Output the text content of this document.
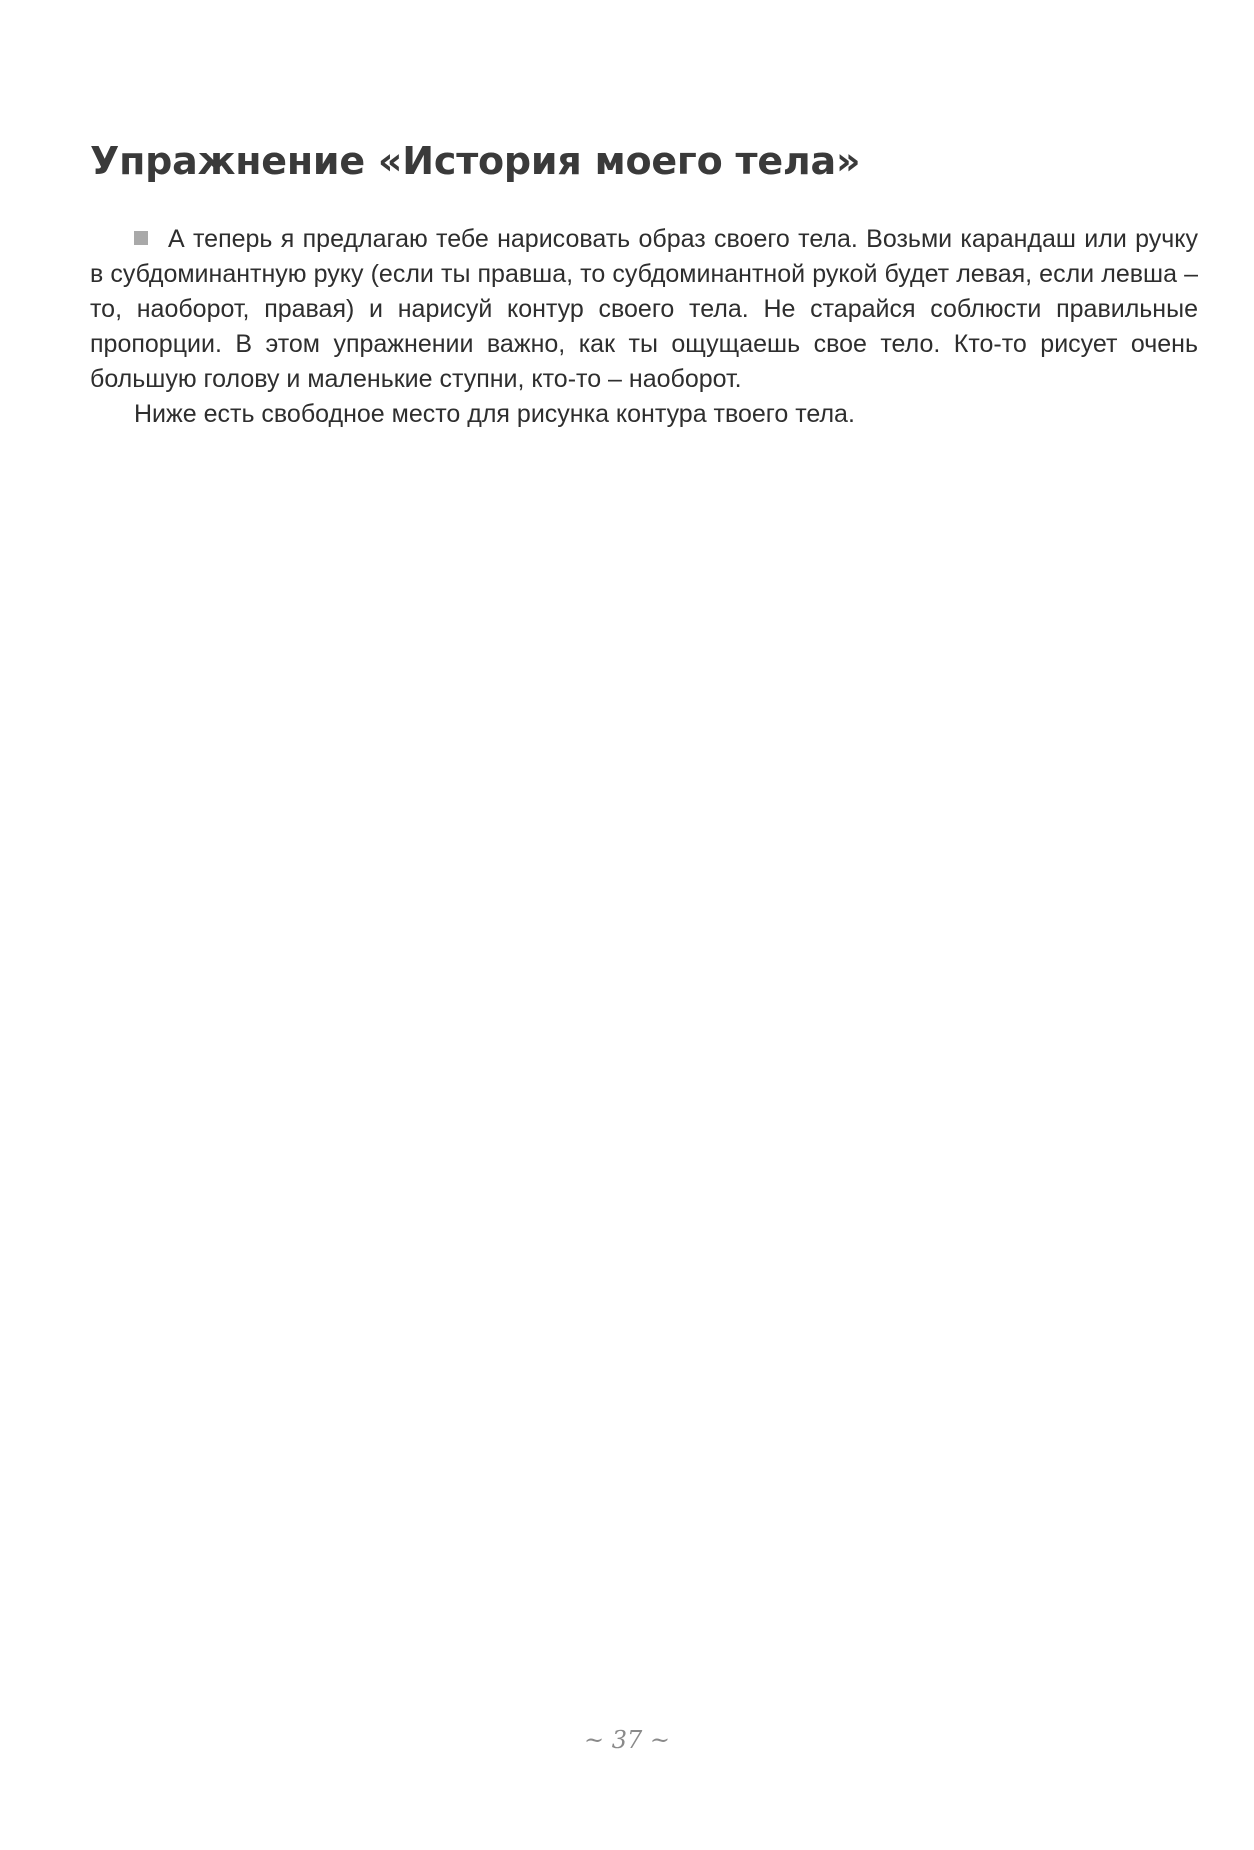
Упражнение «История моего тела»

А теперь я предлагаю тебе нарисовать образ своего тела. Возьми карандаш или ручку в субдоминантную руку (если ты правша, то субдоминантной рукой будет левая, если левша – то, наоборот, правая) и нарисуй контур своего тела. Не старайся соблюсти правильные пропорции. В этом упражнении важно, как ты ощущаешь свое тело. Кто-то рисует очень большую голову и маленькие ступни, кто-то – наоборот.

Ниже есть свободное место для рисунка контура твоего тела.

~ 37 ~
